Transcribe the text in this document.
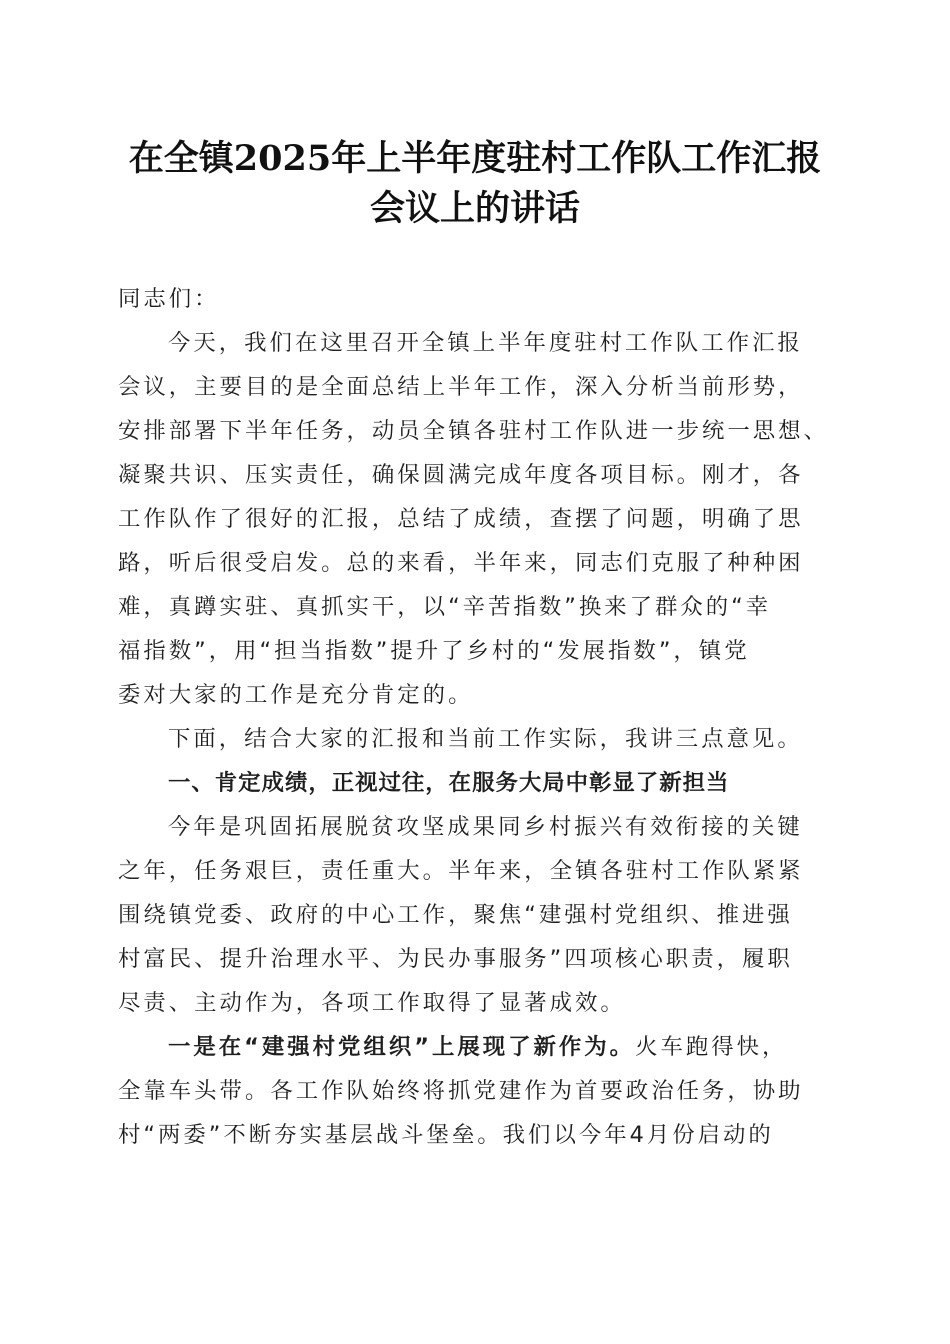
在全镇2025年上半年度驻村工作队工作汇报
会议上的讲话

同志们：

今天，我们在这里召开全镇上半年度驻村工作队工作汇报
会议，主要目的是全面总结上半年工作，深入分析当前形势，
安排部署下半年任务，动员全镇各驻村工作队进一步统一思想、
凝聚共识、压实责任，确保圆满完成年度各项目标。刚才，各
工作队作了很好的汇报，总结了成绩，查摆了问题，明确了思
路，听后很受启发。总的来看，半年来，同志们克服了种种困
难，真蹲实驻、真抓实干，以“辛苦指数”换来了群众的“幸
福指数”，用“担当指数”提升了乡村的“发展指数”，镇党
委对大家的工作是充分肯定的。

下面，结合大家的汇报和当前工作实际，我讲三点意见。

一、肯定成绩，正视过往，在服务大局中彰显了新担当

今年是巩固拓展脱贫攻坚成果同乡村振兴有效衔接的关键
之年，任务艰巨，责任重大。半年来，全镇各驻村工作队紧紧
围绕镇党委、政府的中心工作，聚焦“建强村党组织、推进强
村富民、提升治理水平、为民办事服务”四项核心职责，履职
尽责、主动作为，各项工作取得了显著成效。

一是在“建强村党组织”上展现了新作为。火车跑得快，
全靠车头带。各工作队始终将抓党建作为首要政治任务，协助
村“两委”不断夯实基层战斗堡垒。我们以今年4月份启动的
